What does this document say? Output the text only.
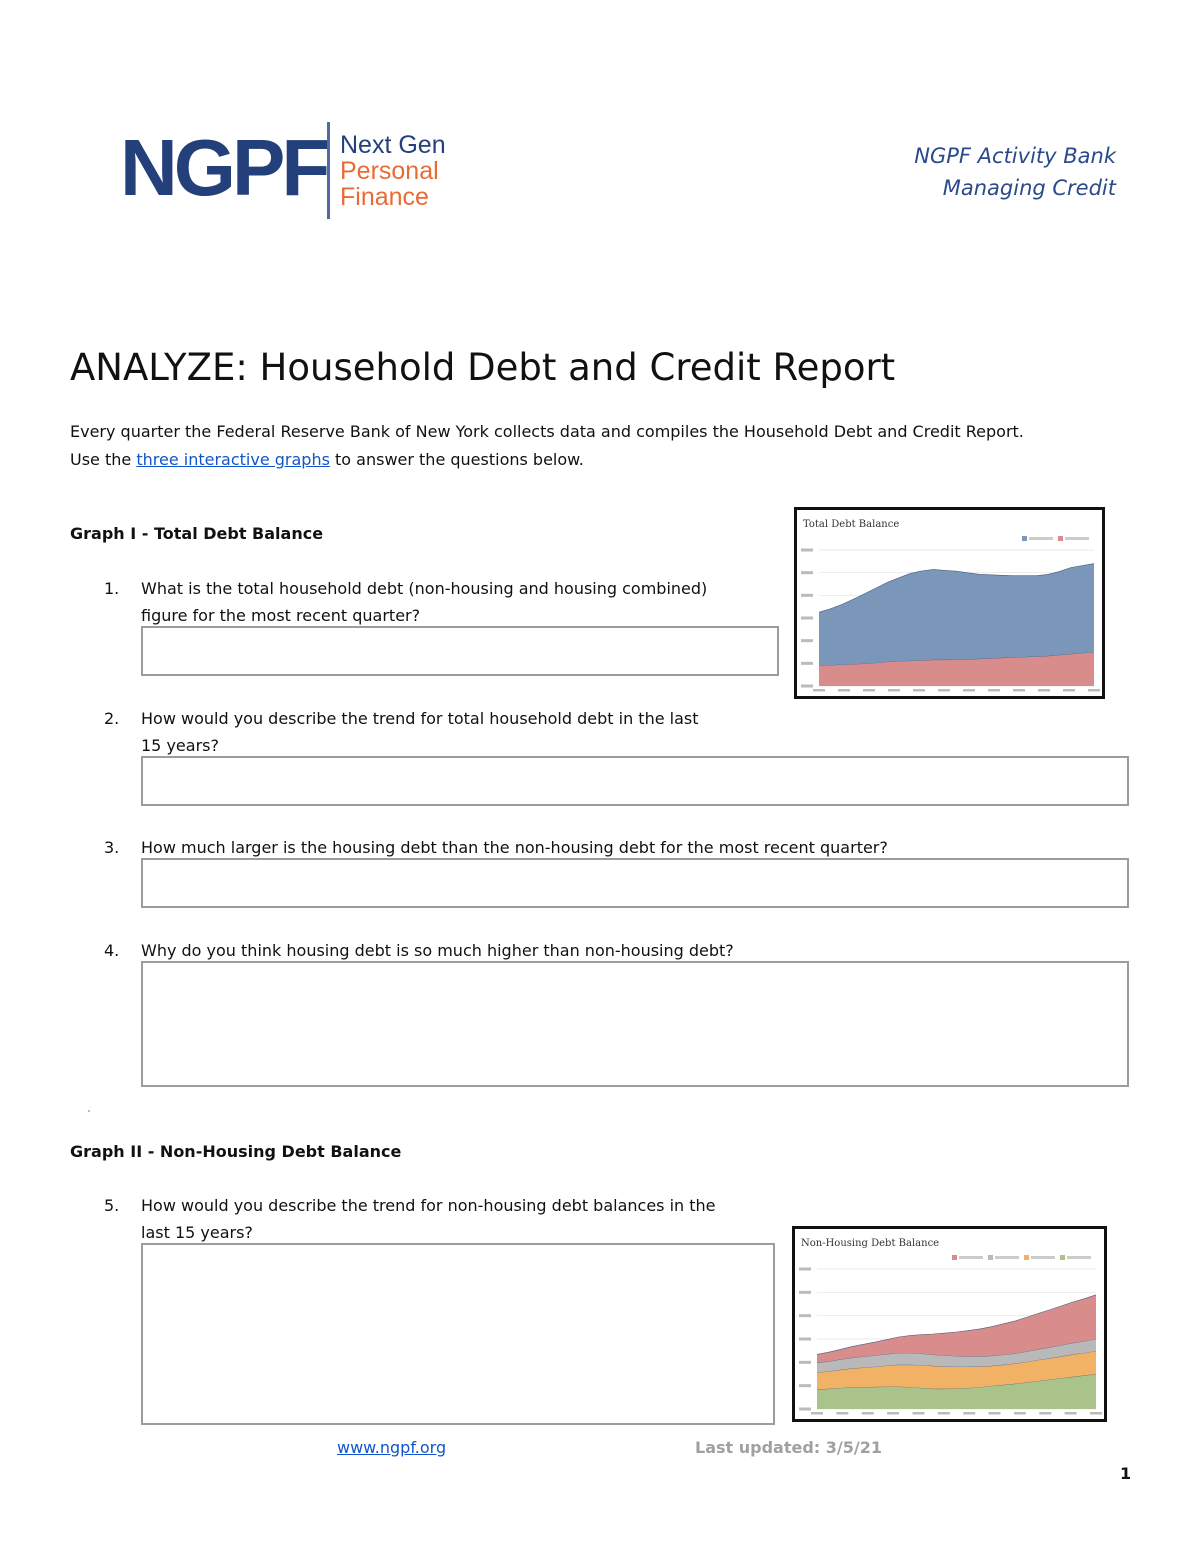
NGPF Next Gen
Personal
Finance
NGPF Activity Bank
Managing Credit
ANALYZE: Household Debt and Credit Report
Every quarter the Federal Reserve Bank of New York collects data and compiles the Household Debt and Credit Report.
Use the three interactive graphs to answer the questions below.
Graph I - Total Debt Balance
1. What is the total household debt (non-housing and housing combined)
figure for the most recent quarter?
Total Debt Balance
2. How would you describe the trend for total household debt in the last
15 years?
3. How much larger is the housing debt than the non-housing debt for the most recent quarter?
4. Why do you think housing debt is so much higher than non-housing debt?
Graph II - Non-Housing Debt Balance
5. How would you describe the trend for non-housing debt balances in the
last 15 years?
Non-Housing Debt Balance
www.ngpf.org	Last updated: 3/5/21
1
